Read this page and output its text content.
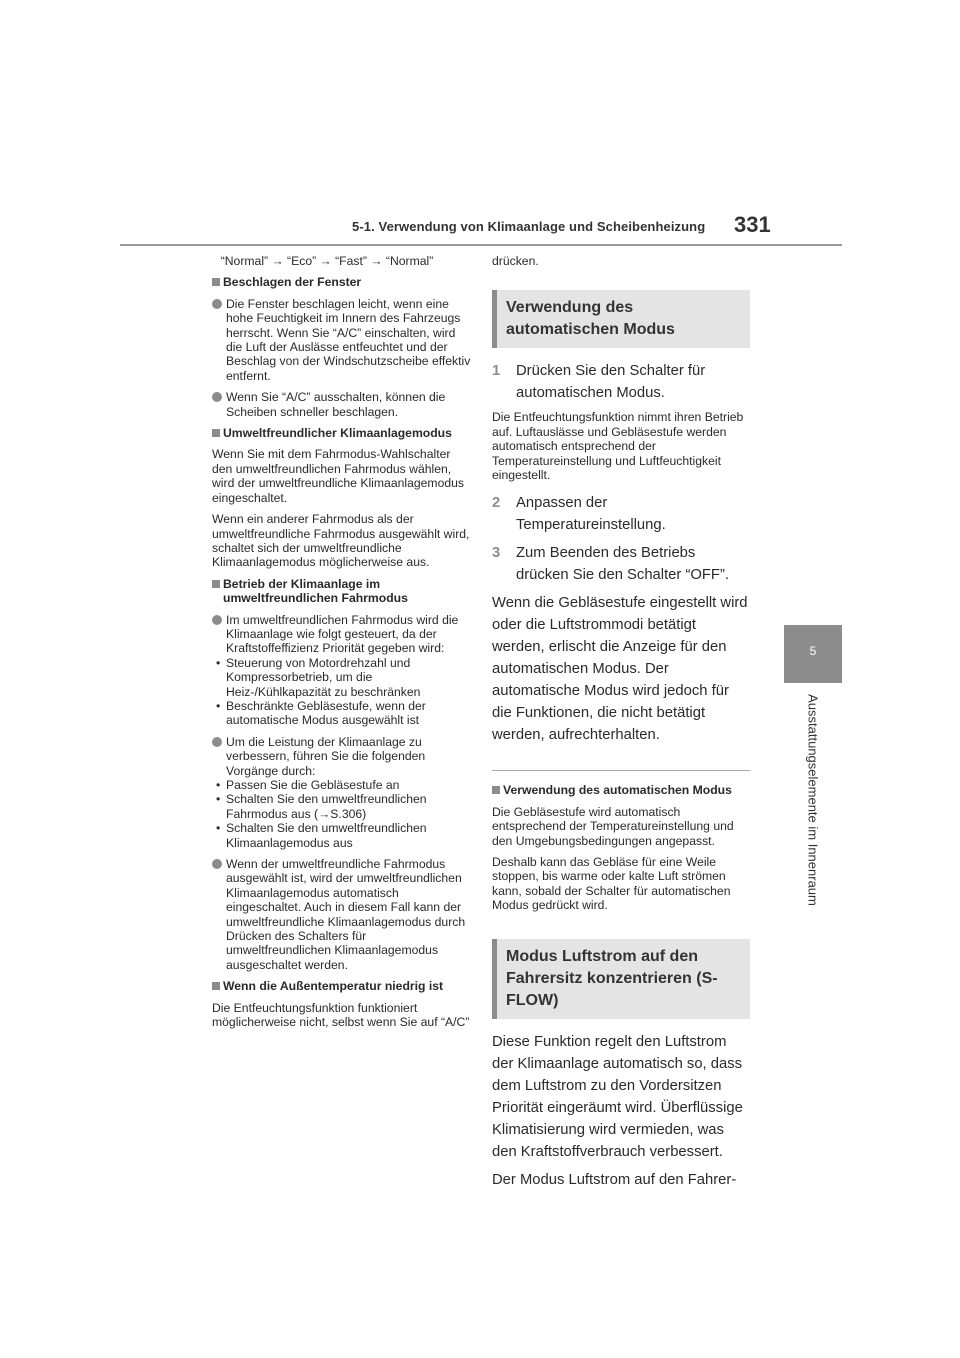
5-1. Verwendung von Klimaanlage und Scheibenheizung 331
5
Ausstattungselemente im Innenraum

“Normal” → “Eco” → “Fast” → “Normal”

Beschlagen der Fenster

Die Fenster beschlagen leicht, wenn eine hohe Feuchtigkeit im Innern des Fahrzeugs herrscht. Wenn Sie “A/C” einschalten, wird die Luft der Auslässe entfeuchtet und der Beschlag von der Windschutzscheibe effektiv entfernt.

Wenn Sie “A/C” ausschalten, können die Scheiben schneller beschlagen.

Umweltfreundlicher Klimaanlagemodus

Wenn Sie mit dem Fahrmodus-Wahlschalter den umweltfreundlichen Fahrmodus wählen, wird der umweltfreundliche Klimaanlagemodus eingeschaltet.

Wenn ein anderer Fahrmodus als der umweltfreundliche Fahrmodus ausgewählt wird, schaltet sich der umweltfreundliche Klimaanlagemodus möglicherweise aus.

Betrieb der Klimaanlage im umweltfreundlichen Fahrmodus

Im umweltfreundlichen Fahrmodus wird die Klimaanlage wie folgt gesteuert, da der Kraftstoffeffizienz Priorität gegeben wird:

• Steuerung von Motordrehzahl und Kompressorbetrieb, um die Heiz-/Kühlkapazität zu beschränken

• Beschränkte Gebläsestufe, wenn der automatische Modus ausgewählt ist

Um die Leistung der Klimaanlage zu verbessern, führen Sie die folgenden Vorgänge durch:

• Passen Sie die Gebläsestufe an

• Schalten Sie den umweltfreundlichen Fahrmodus aus (→S.306)

• Schalten Sie den umweltfreundlichen Klimaanlagemodus aus

Wenn der umweltfreundliche Fahrmodus ausgewählt ist, wird der umweltfreundlichen Klimaanlagemodus automatisch eingeschaltet. Auch in diesem Fall kann der umweltfreundliche Klimaanlagemodus durch Drücken des Schalters für umweltfreundlichen Klimaanlagemodus ausgeschaltet werden.

Wenn die Außentemperatur niedrig ist

Die Entfeuchtungsfunktion funktioniert möglicherweise nicht, selbst wenn Sie auf “A/C”

drücken.

Verwendung des automatischen Modus

1 Drücken Sie den Schalter für automatischen Modus.

Die Entfeuchtungsfunktion nimmt ihren Betrieb auf. Luftauslässe und Gebläsestufe werden automatisch entsprechend der Temperatureinstellung und Luftfeuchtigkeit eingestellt.

2 Anpassen der Temperatureinstellung.

3 Zum Beenden des Betriebs drücken Sie den Schalter “OFF”.

Wenn die Gebläsestufe eingestellt wird oder die Luftstrommodi betätigt werden, erlischt die Anzeige für den automatischen Modus. Der automatische Modus wird jedoch für die Funktionen, die nicht betätigt werden, aufrechterhalten.

Verwendung des automatischen Modus

Die Gebläsestufe wird automatisch entsprechend der Temperatureinstellung und den Umgebungsbedingungen angepasst.

Deshalb kann das Gebläse für eine Weile stoppen, bis warme oder kalte Luft strömen kann, sobald der Schalter für automatischen Modus gedrückt wird.

Modus Luftstrom auf den Fahrersitz konzentrieren (S-FLOW)

Diese Funktion regelt den Luftstrom der Klimaanlage automatisch so, dass dem Luftstrom zu den Vordersitzen Priorität eingeräumt wird. Überflüssige Klimatisierung wird vermieden, was den Kraftstoffverbrauch verbessert.

Der Modus Luftstrom auf den Fahrer-
